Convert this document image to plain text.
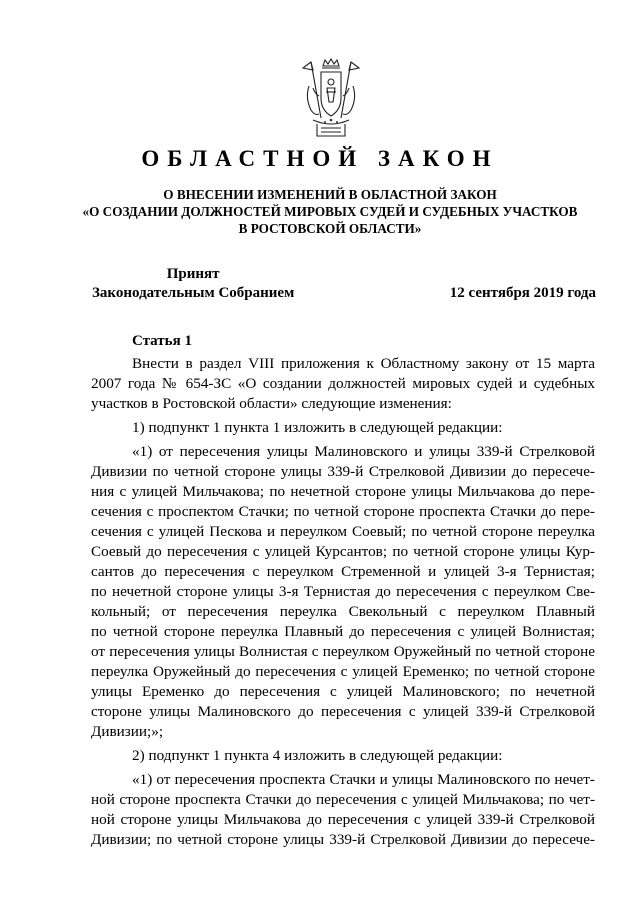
ОБЛАСТНОЙ ЗАКОН
О ВНЕСЕНИИ ИЗМЕНЕНИЙ В ОБЛАСТНОЙ ЗАКОН
«О СОЗДАНИИ ДОЛЖНОСТЕЙ МИРОВЫХ СУДЕЙ И СУДЕБНЫХ УЧАСТКОВ
В РОСТОВСКОЙ ОБЛАСТИ»
Принят
Законодательным Собранием	12 сентября 2019 года
Статья 1
Внести в раздел VIII приложения к Областному закону от 15 марта
2007 года № 654-ЗС «О создании должностей мировых судей и судебных
участков в Ростовской области» следующие изменения:
1) подпункт 1 пункта 1 изложить в следующей редакции:
«1) от пересечения улицы Малиновского и улицы 339-й Стрелковой
Дивизии по четной стороне улицы 339-й Стрелковой Дивизии до пересече-
ния с улицей Мильчакова; по нечетной стороне улицы Мильчакова до пере-
сечения с проспектом Стачки; по четной стороне проспекта Стачки до пере-
сечения с улицей Пескова и переулком Соевый; по четной стороне переулка
Соевый до пересечения с улицей Курсантов; по четной стороне улицы Кур-
сантов до пересечения с переулком Стременной и улицей 3-я Тернистая;
по нечетной стороне улицы 3-я Тернистая до пересечения с переулком Све-
кольный; от пересечения переулка Свекольный с переулком Плавный
по четной стороне переулка Плавный до пересечения с улицей Волнистая;
от пересечения улицы Волнистая с переулком Оружейный по четной стороне
переулка Оружейный до пересечения с улицей Еременко; по четной стороне
улицы Еременко до пересечения с улицей Малиновского; по нечетной
стороне улицы Малиновского до пересечения с улицей 339-й Стрелковой
Дивизии;»;
2) подпункт 1 пункта 4 изложить в следующей редакции:
«1) от пересечения проспекта Стачки и улицы Малиновского по нечет-
ной стороне проспекта Стачки до пересечения с улицей Мильчакова; по чет-
ной стороне улицы Мильчакова до пересечения с улицей 339-й Стрелковой
Дивизии; по четной стороне улицы 339-й Стрелковой Дивизии до пересече-
